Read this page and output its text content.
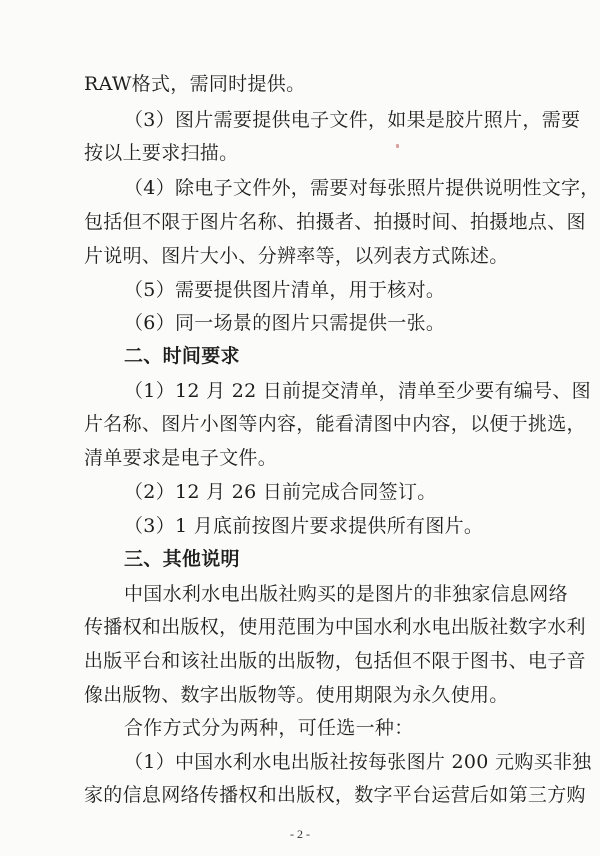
RAW格式，需同时提供。
（3）图片需要提供电子文件，如果是胶片照片，需要
按以上要求扫描。
（4）除电子文件外，需要对每张照片提供说明性文字，
包括但不限于图片名称、拍摄者、拍摄时间、拍摄地点、图
片说明、图片大小、分辨率等，以列表方式陈述。
（5）需要提供图片清单，用于核对。
（6）同一场景的图片只需提供一张。
二、时间要求
（1）12 月 22 日前提交清单，清单至少要有编号、图
片名称、图片小图等内容，能看清图中内容，以便于挑选，
清单要求是电子文件。
（2）12 月 26 日前完成合同签订。
（3）1 月底前按图片要求提供所有图片。
三、其他说明
中国水利水电出版社购买的是图片的非独家信息网络
传播权和出版权，使用范围为中国水利水电出版社数字水利
出版平台和该社出版的出版物，包括但不限于图书、电子音
像出版物、数字出版物等。使用期限为永久使用。
合作方式分为两种，可任选一种：
（1）中国水利水电出版社按每张图片 200 元购买非独
家的信息网络传播权和出版权，数字平台运营后如第三方购
- 2 -
